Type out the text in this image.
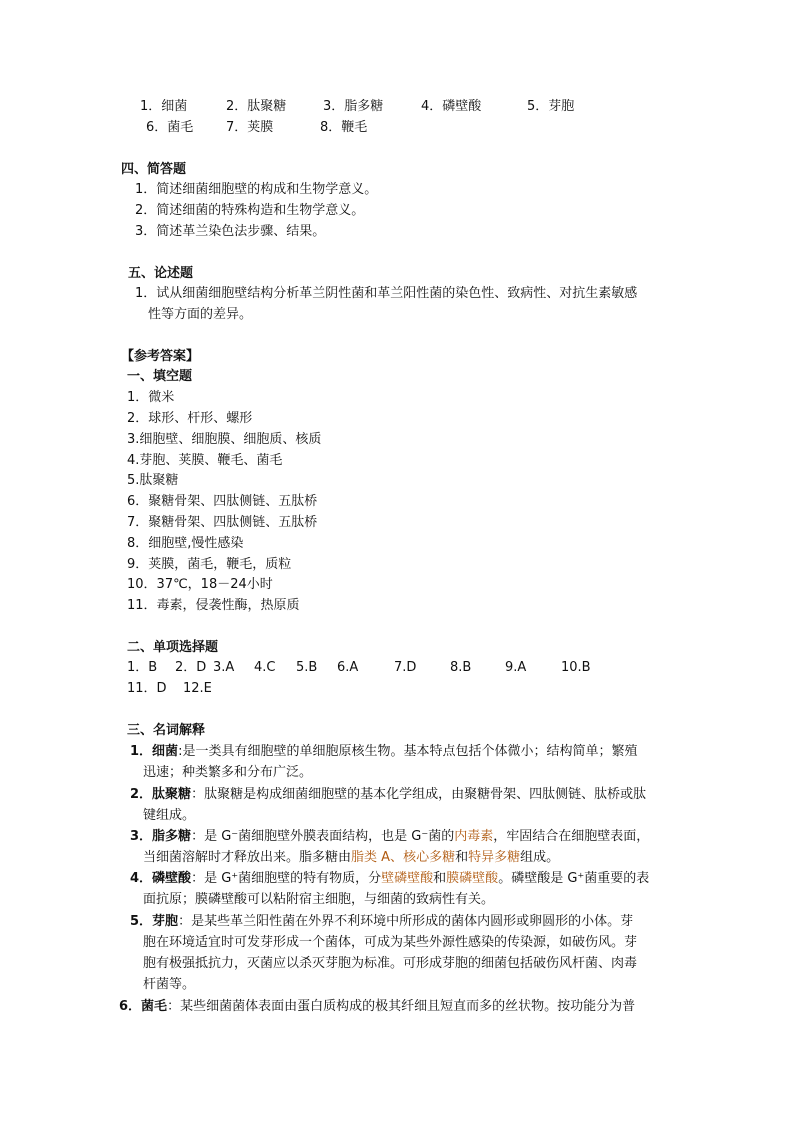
1．细菌	2．肽聚糖	3．脂多糖	4．磷壁酸	5．芽胞
6．菌毛	7．荚膜	8．鞭毛
四、简答题
1．简述细菌细胞壁的构成和生物学意义。
2．简述细菌的特殊构造和生物学意义。
3．简述革兰染色法步骤、结果。
五、论述题
1．试从细菌细胞壁结构分析革兰阴性菌和革兰阳性菌的染色性、致病性、对抗生素敏感
性等方面的差异。
【参考答案】
一、填空题
1．微米
2．球形、杆形、螺形
3.细胞壁、细胞膜、细胞质、核质
4.芽胞、荚膜、鞭毛、菌毛
5.肽聚糖
6．聚糖骨架、四肽侧链、五肽桥
7．聚糖骨架、四肽侧链、五肽桥
8．细胞壁,慢性感染
9．荚膜，菌毛，鞭毛，质粒
10．37℃，18－24小时
11．毒素，侵袭性酶，热原质
二、单项选择题
1．B 2．D 3.A 4.C 5.B 6.A	7.D	8.B	9.A	10.B
11．D 12.E
三、名词解释
1．细菌:是一类具有细胞壁的单细胞原核生物。基本特点包括个体微小；结构简单；繁殖
迅速；种类繁多和分布广泛。
2．肽聚糖：肽聚糖是构成细菌细胞壁的基本化学组成，由聚糖骨架、四肽侧链、肽桥或肽
键组成。
3．脂多糖：是 G⁻菌细胞壁外膜表面结构，也是 G⁻菌的内毒素，牢固结合在细胞壁表面，
当细菌溶解时才释放出来。脂多糖由脂类 A、核心多糖和特异多糖组成。
4．磷壁酸：是 G⁺菌细胞壁的特有物质，分壁磷壁酸和膜磷壁酸。磷壁酸是 G⁺菌重要的表
面抗原；膜磷壁酸可以粘附宿主细胞，与细菌的致病性有关。
5．芽胞：是某些革兰阳性菌在外界不利环境中所形成的菌体内圆形或卵圆形的小体。芽
胞在环境适宜时可发芽形成一个菌体，可成为某些外源性感染的传染源，如破伤风。芽
胞有极强抵抗力，灭菌应以杀灭芽胞为标准。可形成芽胞的细菌包括破伤风杆菌、肉毒
杆菌等。
6．菌毛：某些细菌菌体表面由蛋白质构成的极其纤细且短直而多的丝状物。按功能分为普
